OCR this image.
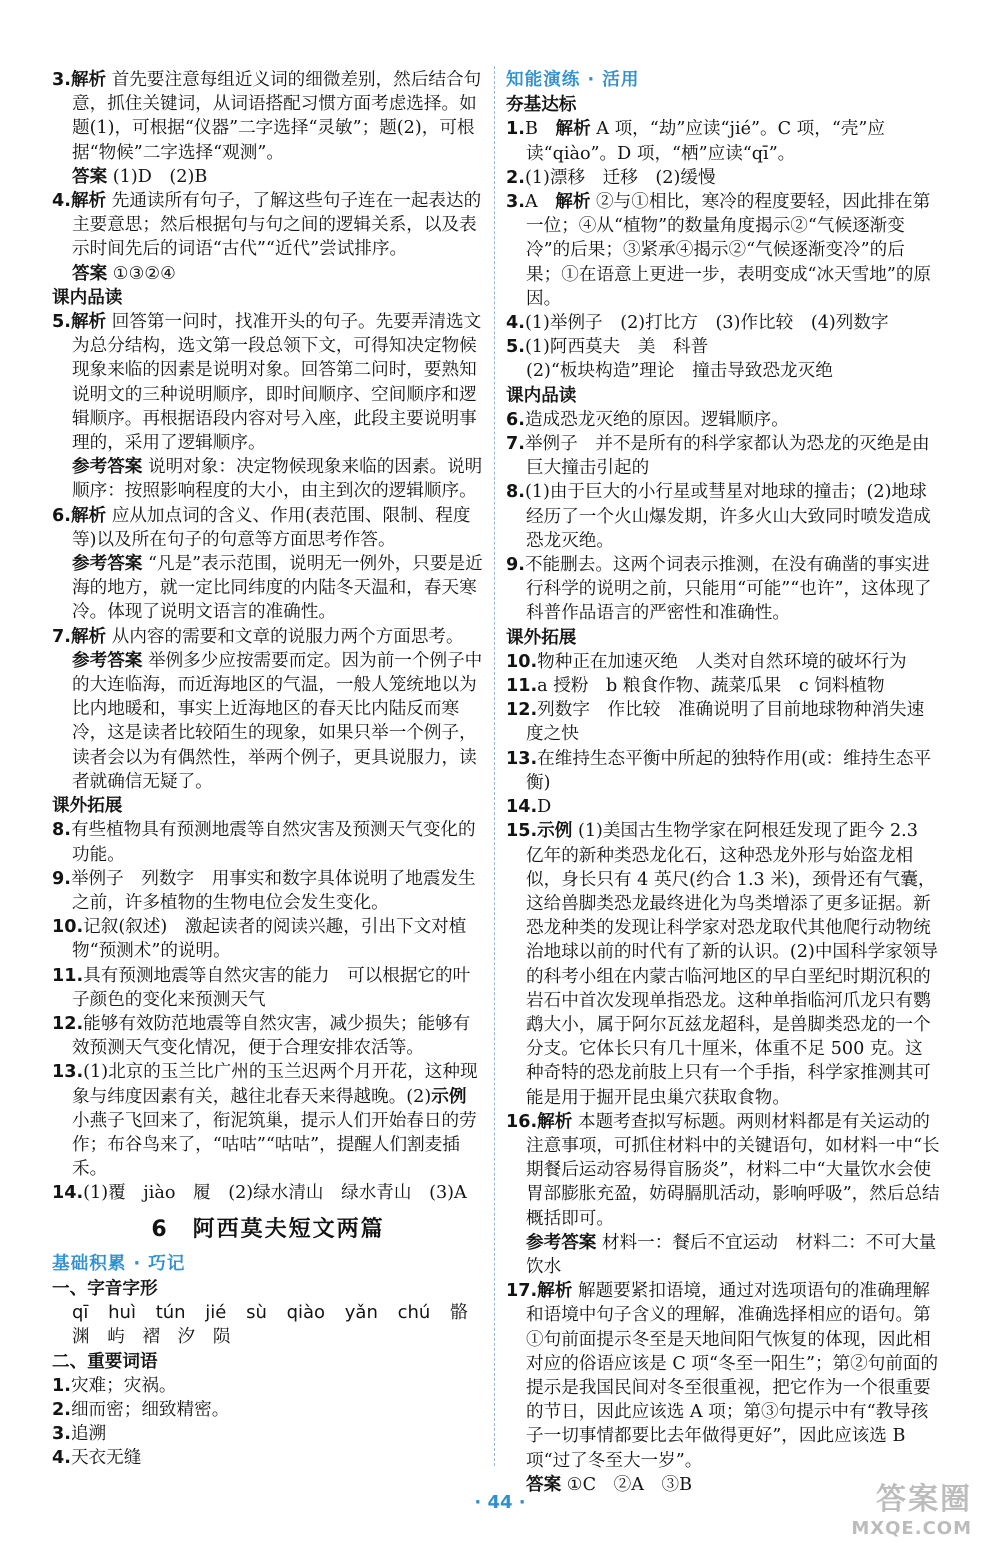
3.解析 首先要注意每组近义词的细微差别，然后结合句意，抓住关键词，从词语搭配习惯方面考虑选择。如题(1)，可根据“仪器”二字选择“灵敏”；题(2)，可根据“物候”二字选择“观测”。

答案 (1)D　(2)B

4.解析 先通读所有句子，了解这些句子连在一起表达的主要意思；然后根据句与句之间的逻辑关系，以及表示时间先后的词语“古代”“近代”尝试排序。

答案 ①③②④

课内品读

5.解析 回答第一问时，找准开头的句子。先要弄清选文为总分结构，选文第一段总领下文，可得知决定物候现象来临的因素是说明对象。回答第二问时，要熟知说明文的三种说明顺序，即时间顺序、空间顺序和逻辑顺序。再根据语段内容对号入座，此段主要说明事理的，采用了逻辑顺序。

参考答案 说明对象：决定物候现象来临的因素。说明顺序：按照影响程度的大小，由主到次的逻辑顺序。

6.解析 应从加点词的含义、作用(表范围、限制、程度等)以及所在句子的句意等方面思考作答。

参考答案 “凡是”表示范围，说明无一例外，只要是近海的地方，就一定比同纬度的内陆冬天温和，春天寒冷。体现了说明文语言的准确性。

7.解析 从内容的需要和文章的说服力两个方面思考。

参考答案 举例多少应按需要而定。因为前一个例子中的大连临海，而近海地区的气温，一般人笼统地以为比内地暖和，事实上近海地区的春天比内陆反而寒冷，这是读者比较陌生的现象，如果只举一个例子，读者会以为有偶然性，举两个例子，更具说服力，读者就确信无疑了。

课外拓展

8.有些植物具有预测地震等自然灾害及预测天气变化的功能。

9.举例子　列数字　用事实和数字具体说明了地震发生之前，许多植物的生物电位会发生变化。

10.记叙(叙述)　激起读者的阅读兴趣，引出下文对植物“预测术”的说明。

11.具有预测地震等自然灾害的能力　可以根据它的叶子颜色的变化来预测天气

12.能够有效防范地震等自然灾害，减少损失；能够有效预测天气变化情况，便于合理安排农活等。

13.(1)北京的玉兰比广州的玉兰迟两个月开花，这种现象与纬度因素有关，越往北春天来得越晚。(2)示例 小燕子飞回来了，衔泥筑巢，提示人们开始春日的劳作；布谷鸟来了，“咕咕”“咕咕”，提醒人们割麦插禾。

14.(1)覆　jiào　履　(2)绿水清山　绿水青山　(3)A

6　阿西莫夫短文两篇

基础积累 · 巧记

一、字音字形

qī huì tún jié sù qiào yǎn chú 骼

渊 屿 褶 汐 陨

二、重要词语

1.灾难；灾祸。

2.细而密；细致精密。

3.追溯

4.天衣无缝

知能演练 · 活用

夯基达标

1.B　解析 A 项，“劫”应读“jié”。C 项，“壳”应读“qiào”。D 项，“栖”应读“qī”。

2.(1)漂移　迁移　(2)缓慢

3.A　解析 ②与①相比，寒冷的程度要轻，因此排在第一位；④从“植物”的数量角度揭示②“气候逐渐变冷”的后果；③紧承④揭示②“气候逐渐变冷”的后果；①在语意上更进一步，表明变成“冰天雪地”的原因。

4.(1)举例子　(2)打比方　(3)作比较　(4)列数字

5.(1)阿西莫夫　美　科普

(2)“板块构造”理论　撞击导致恐龙灭绝

课内品读

6.造成恐龙灭绝的原因。逻辑顺序。

7.举例子　并不是所有的科学家都认为恐龙的灭绝是由巨大撞击引起的

8.(1)由于巨大的小行星或彗星对地球的撞击；(2)地球经历了一个火山爆发期，许多火山大致同时喷发造成恐龙灭绝。

9.不能删去。这两个词表示推测，在没有确凿的事实进行科学的说明之前，只能用“可能”“也许”，这体现了科普作品语言的严密性和准确性。

课外拓展

10.物种正在加速灭绝　人类对自然环境的破坏行为

11.a 授粉　b 粮食作物、蔬菜瓜果　c 饲料植物

12.列数字　作比较　准确说明了目前地球物种消失速度之快

13.在维持生态平衡中所起的独特作用(或：维持生态平衡)

14.D

15.示例 (1)美国古生物学家在阿根廷发现了距今 2.3 亿年的新种类恐龙化石，这种恐龙外形与始盗龙相似，身长只有 4 英尺(约合 1.3 米)，颈骨还有气囊，这给兽脚类恐龙最终进化为鸟类增添了更多证据。新恐龙种类的发现让科学家对恐龙取代其他爬行动物统治地球以前的时代有了新的认识。(2)中国科学家领导的科考小组在内蒙古临河地区的早白垩纪时期沉积的岩石中首次发现单指恐龙。这种单指临河爪龙只有鹦鹉大小，属于阿尔瓦兹龙超科，是兽脚类恐龙的一个分支。它体长只有几十厘米，体重不足 500 克。这种奇特的恐龙前肢上只有一个手指，科学家推测其可能是用于掘开昆虫巢穴获取食物。

16.解析 本题考查拟写标题。两则材料都是有关运动的注意事项，可抓住材料中的关键语句，如材料一中“长期餐后运动容易得盲肠炎”，材料二中“大量饮水会使胃部膨胀充盈，妨碍膈肌活动，影响呼吸”，然后总结概括即可。

参考答案 材料一：餐后不宜运动　材料二：不可大量饮水

17.解析 解题要紧扣语境，通过对选项语句的准确理解和语境中句子含义的理解，准确选择相应的语句。第①句前面提示冬至是天地间阳气恢复的体现，因此相对应的俗语应该是 C 项“冬至一阳生”；第②句前面的提示是我国民间对冬至很重视，把它作为一个很重要的节日，因此应该选 A 项；第③句提示中有“教导孩子一切事情都要比去年做得更好”，因此应该选 B 项“过了冬至大一岁”。

答案 ①C　②A　③B

· 44 ·	答案圈
MXQE.COM
